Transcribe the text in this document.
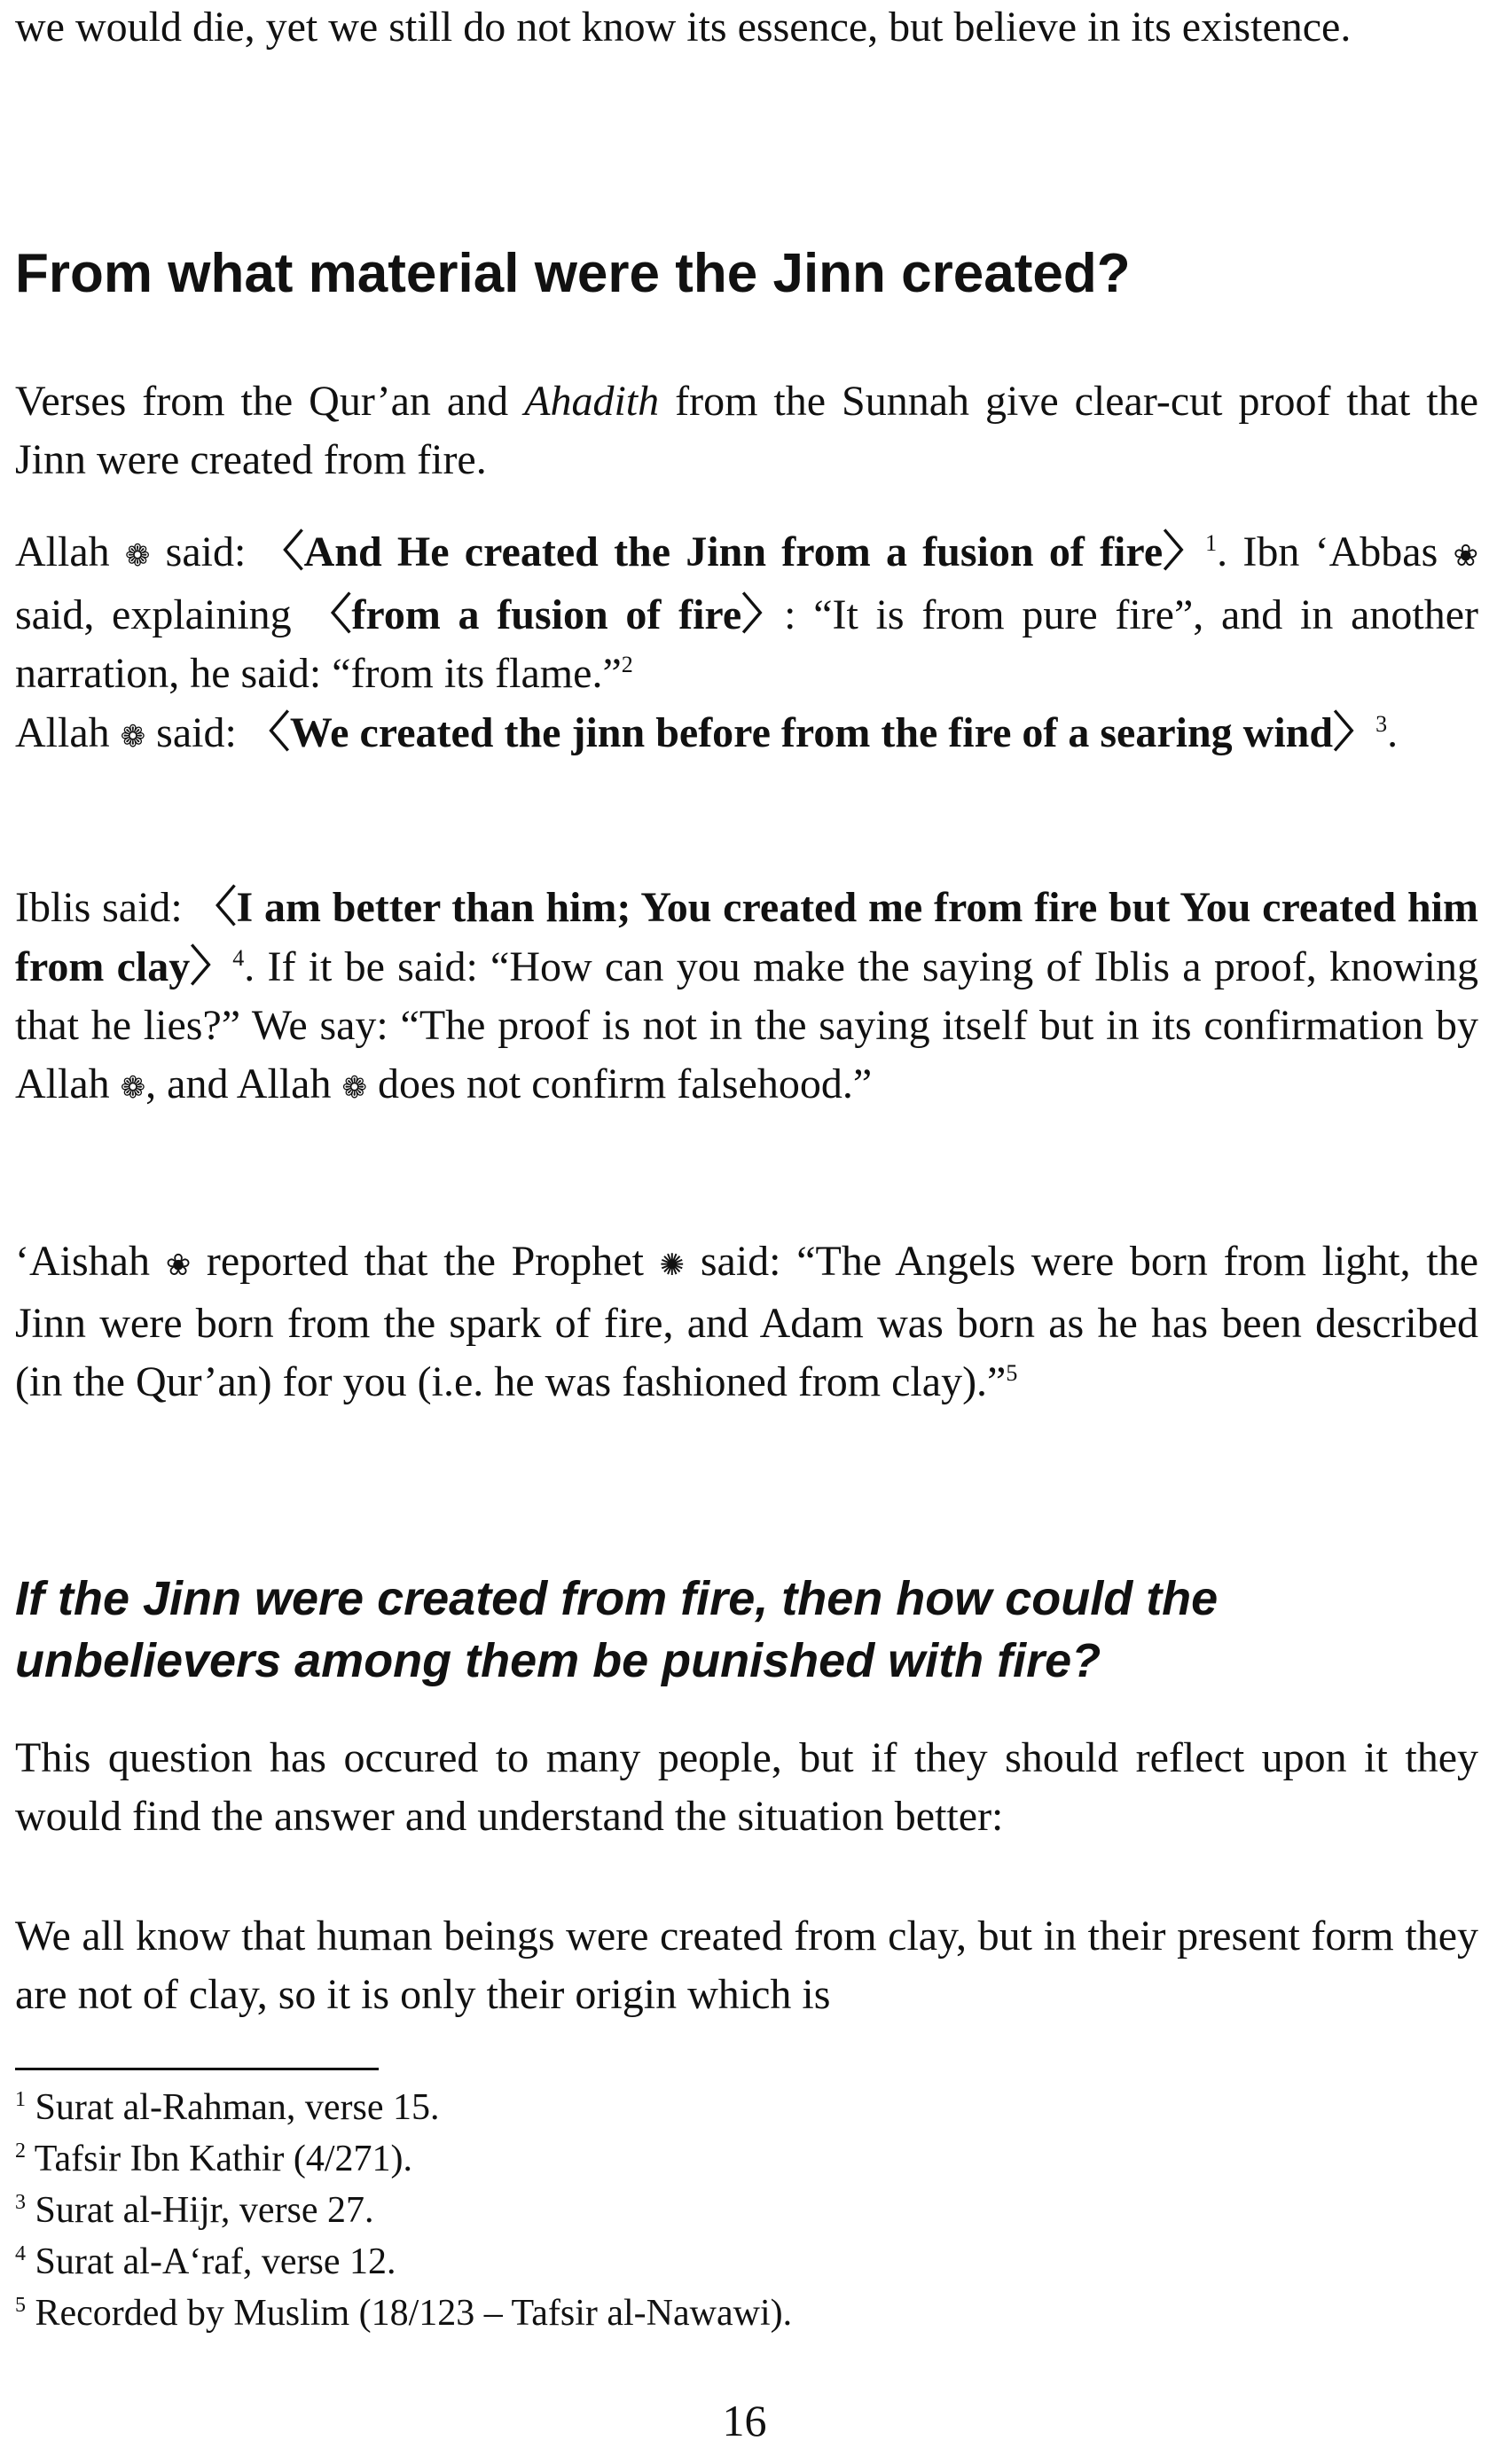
we would die, yet we still do not know its essence, but believe in its existence.

From what material were the Jinn created?

Verses from the Qur’an and Ahadith from the Sunnah give clear-cut proof that the Jinn were created from fire.

Allah ❁ said: 〈And He created the Jinn from a fusion of fire〉$^1$. Ibn ‘Abbas ❀ said, explaining 〈from a fusion of fire〉: “It is from pure fire”, and in another narration, he said: “from its flame.”$^2$
Allah ❁ said: 〈We created the jinn before from the fire of a searing wind〉$^3$.

Iblis said: 〈I am better than him; You created me from fire but You created him from clay〉$^4$. If it be said: “How can you make the saying of Iblis a proof, knowing that he lies?” We say: “The proof is not in the saying itself but in its confirmation by Allah ❁, and Allah ❁ does not confirm falsehood.”

‘Aishah ❀ reported that the Prophet ✺ said: “The Angels were born from light, the Jinn were born from the spark of fire, and Adam was born as he has been described (in the Qur’an) for you (i.e. he was fashioned from clay).”$^5$

If the Jinn were created from fire, then how could the unbelievers among them be punished with fire?

This question has occured to many people, but if they should reflect upon it they would find the answer and understand the situation better:

We all know that human beings were created from clay, but in their present form they are not of clay, so it is only their origin which is

$^1$ Surat al-Rahman, verse 15.

$^2$ Tafsir Ibn Kathir (4/271).

$^3$ Surat al-Hijr, verse 27.

$^4$ Surat al-A‘raf, verse 12.

$^5$ Recorded by Muslim (18/123 – Tafsir al-Nawawi).

16
